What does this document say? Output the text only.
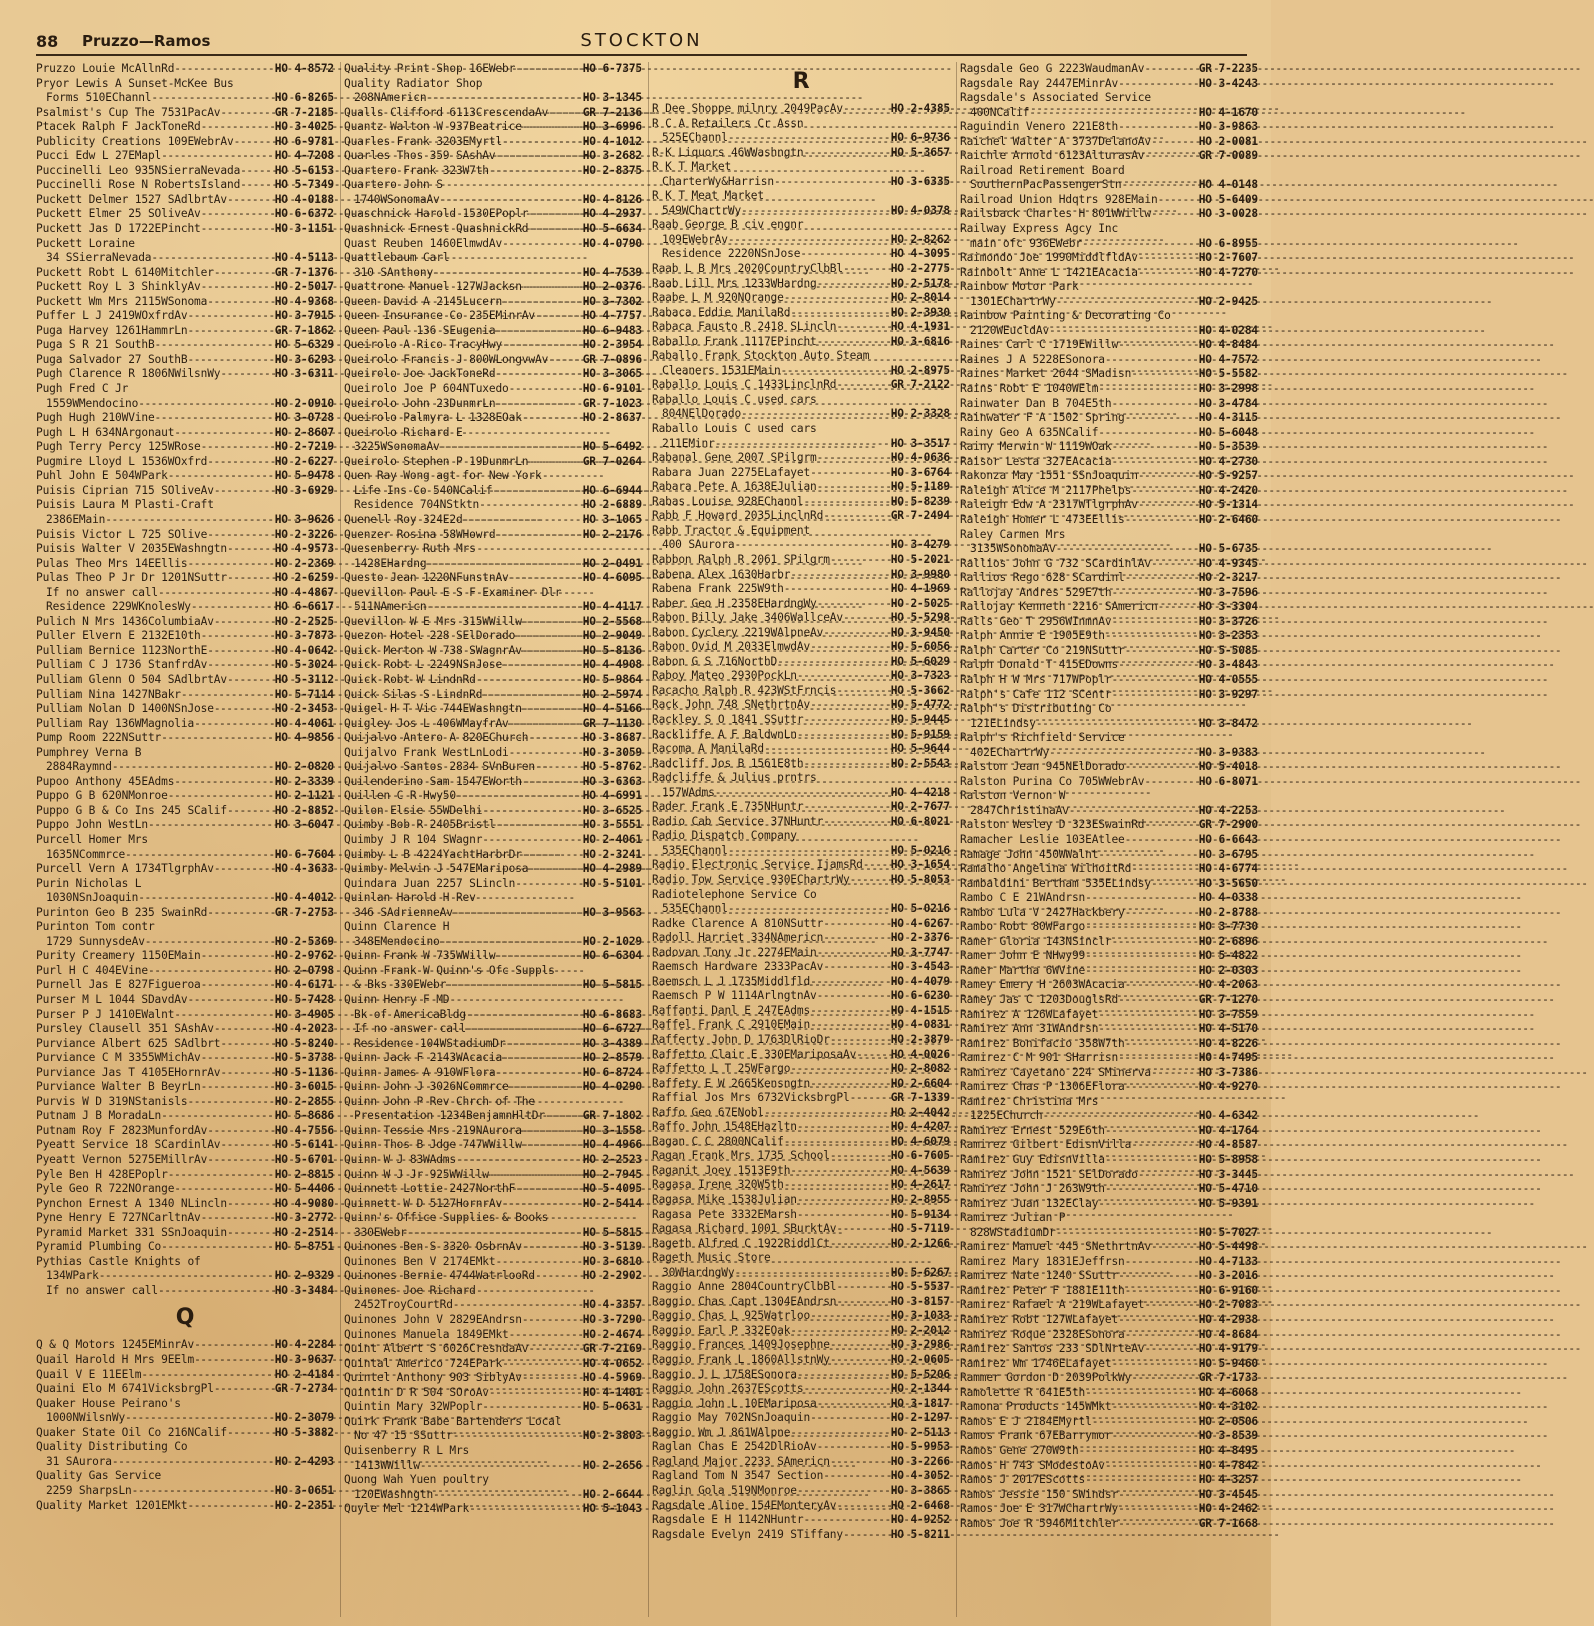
88 Pruzzo—Ramos	STOCKTON
Pruzzo Louie McAllnRd -----	HO 4-8572
Pryor Lewis A Sunset-McKee Bus
Forms 510EChannl -----	HO 6-8265
Psalmist's Cup The 7531PacAv -----	GR 7-2185
Ptacek Ralph F JackToneRd -----	HO 3-4025
Publicity Creations 109EWebrAv -----	HO 6-9781
Pucci Edw L 27EMapl -----	HO 4-7208
Puccinelli Leo 935NSierraNevada -----	HO 5-6153
Puccinelli Rose N RobertsIsland -----	HO 5-7349
Puckett Delmer 1527 SAdlbrtAv -----	HO 4-0188
Puckett Elmer 25 SOliveAv -----	HO 6-6372
Puckett Jas D 1722EPincht -----	HO 3-1151
Puckett Loraine
34 SSierraNevada -----	HO 4-5113
Puckett Robt L 6140Mitchler -----	GR 7-1376
Puckett Roy L 3 ShinklyAv -----	HO 2-5017
Puckett Wm Mrs 2115WSonoma -----	HO 4-9368
Puffer L J 2419WOxfrdAv -----	HO 3-7915
Puga Harvey 1261HammrLn -----	GR 7-1862
Puga S R 21 SouthB -----	HO 5-6329
Puga Salvador 27 SouthB -----	HO 3-6293
Pugh Clarence R 1806NWilsnWy -----	HO 3-6311
Pugh Fred C Jr
1559WMendocino -----	HO 2-0910
Pugh Hugh 210WVine -----	HO 3-0728
Pugh L H 634NArgonaut -----	HO 2-8607
Pugh Terry Percy 125WRose -----	HO 2-7219
Pugmire Lloyd L 1536WOxfrd -----	HO 2-6227
Puhl John E 504WPark -----	HO 5-9478
Puisis Ciprian 715 SOliveAv -----	HO 3-6929
Puisis Laura M Plasti-Craft
2386EMain -----	HO 3-9626
Puisis Victor L 725 SOlive -----	HO 2-3226
Puisis Walter V 2035EWashngtn -----	HO 4-9573
Pulas Theo Mrs 14EEllis -----	HO 2-2369
Pulas Theo P Jr Dr 1201NSuttr -----	HO 2-6259
If no answer call -----	HO 4-4867
Residence 229WKnolesWy -----	HO 6-6617
Pulich N Mrs 1436ColumbiaAv -----	HO 2-2525
Puller Elvern E 2132E10th -----	HO 3-7873
Pulliam Bernice 1123NorthE -----	HO 4-0642
Pulliam C J 1736 StanfrdAv -----	HO 5-3024
Pulliam Glenn O 504 SAdlbrtAv -----	HO 5-3112
Pulliam Nina 1427NBakr -----	HO 5-7114
Pulliam Nolan D 1400NSnJose -----	HO 2-3453
Pulliam Ray 136WMagnolia -----	HO 4-4061
Pump Room 222NSuttr -----	HO 4-9856
Pumphrey Verna B
2884Raymnd -----	HO 2-0820
Pupoo Anthony 45EAdms -----	HO 2-3339
Puppo G B 620NMonroe -----	HO 2-1121
Puppo G B & Co Ins 245 SCalif -----	HO 2-8852
Puppo John WestLn -----	HO 3-6047
Purcell Homer Mrs
1635NCommrce -----	HO 6-7604
Purcell Vern A 1734TlgrphAv -----	HO 4-3633
Purin Nicholas L
1030NSnJoaquin -----	HO 4-4012
Purinton Geo B 235 SwainRd -----	GR 7-2753
Purinton Tom contr
1729 SunnysdeAv -----	HO 2-5369
Purity Creamery 1150EMain -----	HO 2-9762
Purl H C 404EVine -----	HO 2-0798
Purnell Jas E 827Figueroa -----	HO 4-6171
Purser M L 1044 SDavdAv -----	HO 5-7428
Purser P J 1410EWalnt -----	HO 3-4905
Pursley Clausell 351 SAshAv -----	HO 4-2023
Purviance Albert 625 SAdlbrt -----	HO 5-8240
Purviance C M 3355WMichAv -----	HO 5-3738
Purviance Jas T 4105EHornrAv -----	HO 5-1136
Purviance Walter B BeyrLn -----	HO 3-6015
Purvis W D 319NStanisls -----	HO 2-2855
Putnam J B MoradaLn -----	HO 5-8686
Putnam Roy F 2823MunfordAv -----	HO 4-7556
Pyeatt Service 18 SCardinlAv -----	HO 5-6141
Pyeatt Vernon 5275EMillrAv -----	HO 5-6701
Pyle Ben H 428EPoplr -----	HO 2-8815
Pyle Geo R 722NOrange -----	HO 5-4406
Pynchon Ernest A 1340 NLincln -----	HO 4-9080
Pyne Henry E 727NCarltnAv -----	HO 3-2772
Pyramid Market 331 SSnJoaquin -----	HO 2-2514
Pyramid Plumbing Co -----	HO 5-8751
Pythias Castle Knights of
134WPark -----	HO 2-9329
If no answer call -----	HO 3-3484
Q
Q & Q Motors 1245EMinrAv -----	HO 4-2284
Quail Harold H Mrs 9EElm -----	HO 3-9637
Quail V E 11EElm -----	HO 2-4184
Quaini Elo M 6741VicksbrgPl -----	GR 7-2734
Quaker House Peirano's
1000NWilsnWy -----	HO 2-3079
Quaker State Oil Co 216NCalif -----	HO 5-3882
Quality Distributing Co
31 SAurora -----	HO 2-4293
Quality Gas Service
2259 SharpsLn -----	HO 3-0651
Quality Market 1201EMkt -----	HO 2-2351
Quality Print Shop 16EWebr -----	HO 6-7375
Quality Radiator Shop
208NAmericn -----	HO 3-1345
Qualls Clifford 6113CrescendaAv -----	GR 7-2136
Quantz Walton W 937Beatrice -----	HO 3-6996
Quarles Frank 3203EMyrtl -----	HO 4-1012
Quarles Thos 359 SAshAv -----	HO 3-2682
Quartero Frank 323W7th -----	HO 2-8375
Quartero John S
1740WSonomaAv -----	HO 4-8126
Quaschnick Harold 1530EPoplr -----	HO 4-2937
Quashnick Ernest QuashnickRd -----	HO 5-6634
Quast Reuben 1460ElmwdAv -----	HO 4-0790
Quattlebaum Carl
310 SAnthony -----	HO 4-7539
Quattrone Manuel 127WJacksn -----	HO 2-0376
Queen David A 2145Lucern -----	HO 3-7302
Queen Insurance Co 235EMinrAv -----	HO 4-7757
Queen Paul 136 SEugenia -----	HO 6-9483
Queirolo A Rico TracyHwy -----	HO 2-3954
Queirolo Francis J 800WLongvwAv -----	GR 7-0896
Queirolo Joe JackToneRd -----	HO 3-3065
Queirolo Joe P 604NTuxedo -----	HO 6-9101
Queirolo John 23DunmrLn -----	GR 7-1023
Queirolo Palmyra L 1328EOak -----	HO 2-8637
Queirolo Richard E
3225WSonomaAv -----	HO 5-6492
Queirolo Stephen P 19DunmrLn -----	GR 7-0264
Quen Ray Wong agt for New York
Life Ins Co 540NCalif -----	HO 6-6944
Residence 704NStktn -----	HO 2-6889
Quenell Roy 324E2d -----	HO 3-1065
Quenzer Rosina 58WHowrd -----	HO 2-2176
Quesenberry Ruth Mrs
1428EHardng -----	HO 2-0491
Questo Jean 1220NFunstnAv -----	HO 4-6095
Quevillon Paul E S F Examiner Dlr
511NAmericn -----	HO 4-4117
Quevillon W E Mrs 315WWillw -----	HO 2-5568
Quezon Hotel 228 SElDorado -----	HO 2-9049
Quick Merton W 738 SWagnrAv -----	HO 5-8136
Quick Robt L 2249NSnJose -----	HO 4-4908
Quick Robt W LindnRd -----	HO 5-9864
Quick Silas S LindnRd -----	HO 2-5974
Quigel H T Vic 744EWashngtn -----	HO 4-5166
Quigley Jos L 406WMayfrAv -----	GR 7-1130
Quijalvo Antero A 820EChurch -----	HO 3-8687
Quijalvo Frank WestLnLodi -----	HO 3-3059
Quijalvo Santos 2834 SVnBuren -----	HO 5-8762
Quilenderino Sam 1547EWorth -----	HO 3-6363
Quillen C R Hwy50 -----	HO 4-6991
Quilon Elsie 55WDelhi -----	HO 3-6525
Quimby Bob R 2405Bristl -----	HO 3-5551
Quimby J R 104 SWagnr -----	HO 2-4061
Quimby L B 4224YachtHarbrDr -----	HO 2-3241
Quimby Melvin J 547EMariposa -----	HO 4-2989
Quindara Juan 2257 SLincln -----	HO 5-5101
Quinlan Harold H Rev
346 SAdrienneAv -----	HO 3-9563
Quinn Clarence H
348EMendocino -----	HO 2-1029
Quinn Frank W 735WWillw -----	HO 6-6304
Quinn Frank W Quinn's Ofc Suppls
& Bks 330EWebr -----	HO 5-5815
Quinn Henry F MD
Bk of AmericaBldg -----	HO 6-8683
If no answer call -----	HO 6-6727
Residence 104WStadiumDr -----	HO 3-4389
Quinn Jack F 2143WAcacia -----	HO 2-8579
Quinn James A 910WFlora -----	HO 6-8724
Quinn John J 3026NCommrce -----	HO 4-0290
Quinn John P Rev Chrch of The
Presentation 1234BenjamnHltDr -----	GR 7-1802
Quinn Tessie Mrs 219NAurora -----	HO 3-1558
Quinn Thos B Jdge 747WWillw -----	HO 4-4966
Quinn W J 83WAdms -----	HO 2-2523
Quinn W J Jr 925WWillw -----	HO 2-7945
Quinnett Lottie 2427NorthF -----	HO 5-4095
Quinnett W D 5127HornrAv -----	HO 2-5414
Quinn's Office Supplies & Books
330EWebr -----	HO 5-5815
Quinones Ben S 3320 OsbrnAv -----	HO 3-5139
Quinones Ben V 2174EMkt -----	HO 3-6810
Quinones Bernie 4744WatrlooRd -----	HO 2-2902
Quinones Joe Richard
2452TroyCourtRd -----	HO 4-3357
Quinones John V 2829EAndrsn -----	HO 3-7290
Quinones Manuela 1849EMkt -----	HO 2-4674
Quint Albert S 6026CresndaAv -----	GR 7-2169
Quintal Americo 724EPark -----	HO 4-0652
Quintel Anthony 903 SiblyAv -----	HO 4-5969
Quintin D R 504 SOroAv -----	HO 4-1401
Quintin Mary 32WPoplr -----	HO 5-0631
Quirk Frank Babe Bartenders Local
No 47 15 SSuttr -----	HO 2-3803
Quisenberry R L Mrs
1413WWillw -----	HO 2-2656
Quong Wah Yuen poultry
120EWashngtn -----	HO 2-6644
Quyle Mel 1214WPark -----	HO 5-1043
R
R Dee Shoppe milnry 2049PacAv -----	HO 2-4385
R C A Retailers Cr Assn
525EChannl -----	HO 6-9736
R-K Liquors 46WWashngtn -----	HO 5-3657
R K T Market
CharterWy&Harrisn -----	HO 3-6335
R K T Meat Market
549WChartrWy -----	HO 4-0378
Raab George B civ engnr
109EWebrAv -----	HO 2-8262
Residence 2220NSnJose -----	HO 4-3095
Raab L B Mrs 2020CountryClbBl -----	HO 2-2775
Raab Lill Mrs 1233WHardng -----	HO 2-5178
Raabe L M 920NOrange -----	HO 2-8014
Rabaca Eddie ManilaRd -----	HO 2-3930
Rabaca Fausto R 2418 SLincln -----	HO 4-1931
Raballo Frank 1117EPincht -----	HO 3-6816
Raballo Frank Stockton Auto Steam
Cleaners 1531EMain -----	HO 2-8975
Raballo Louis C 1433LinclnRd -----	GR 7-2122
Raballo Louis C used cars
804NElDorado -----	HO 2-3328
Raballo Louis C used cars
211EMinr -----	HO 3-3517
Rabanal Gene 2007 SPilgrm -----	HO 4-0636
Rabara Juan 2275ELafayet -----	HO 3-6764
Rabara Pete A 1638EJulian -----	HO 5-1189
Rabas Louise 928EChannl -----	HO 5-8239
Rabb F Howard 2035LinclnRd -----	GR 7-2494
Rabb Tractor & Equipment
400 SAurora -----	HO 3-4279
Rabbon Ralph R 2061 SPilgrm -----	HO 5-2021
Rabena Alex 1630Harbr -----	HO 3-9980
Rabena Frank 225W9th -----	HO 4-1969
Raber Geo H 2358EHardngWy -----	HO 2-5025
Rabon Billy Jake 3406WallceAv -----	HO 5-5298
Rabon Cyclery 2219WAlpneAv -----	HO 3-9450
Rabon Ovid M 2033ElmwdAv -----	HO 5-6056
Rabon G S 716NorthD -----	HO 5-6029
Raboy Mateo 2930PockLn -----	HO 3-7323
Racacho Ralph R 423WStFrncis -----	HO 5-3662
Rack John 748 SNethrtnAv -----	HO 5-4772
Rackley S O 1841 SSuttr -----	HO 5-9445
Rackliffe A F BaldwnLn -----	HO 5-9159
Racoma A ManilaRd -----	HO 5-9644
Radcliff Jos B 1561E8th -----	HO 2-5543
Radcliffe & Julius prntrs
157WAdms -----	HO 4-4218
Rader Frank E 735NHuntr -----	HO 2-7677
Radio Cab Service 37NHuntr -----	HO 6-8021
Radio Dispatch Company
535EChannl -----	HO 5-0216
Radio Electronic Service IjamsRd ----- HO 3-1654
Radio Tow Service 930EChartrWy -----	HO 5-8053
Radiotelephone Service Co
535EChannl -----	HO 5-0216
Radke Clarence A 810NSuttr -----	HO 4-6267
Radoll Harriet 334NAmericn -----	HO 2-3376
Radovan Tony Jr 2274EMain -----	HO 3-7747
Raemsch Hardware 2333PacAv -----	HO 3-4543
Raemsch L J 1735Middlfld -----	HO 4-4079
Raemsch P W 1114ArlngtnAv -----	HO 6-6230
Raffanti Danl E 247EAdms -----	HO 4-1515
Raffel Frank C 2910EMain -----	HO 4-0831
Rafferty John D 1763DlRioDr -----	HO 2-3879
Raffetto Clair E 330EMariposaAv -----	HO 4-0026
Raffetto L T 25WFargo -----	HO 2-8082
Raffety E W 2665Kensngtn -----	HO 2-6604
Raffial Jos Mrs 6732VicksbrgPl -----	GR 7-1339
Raffo Geo 67ENobl -----	HO 2-4042
Raffo John 1548EHazltn -----	HO 4-4207
Ragan C C 2800NCalif -----	HO 4-6079
Ragan Frank Mrs 1735 School -----	HO 6-7605
Raganit Joey 1513E9th -----	HO 4-5639
Ragasa Irene 320W5th -----	HO 4-2617
Ragasa Mike 1538Julian -----	HO 2-8955
Ragasa Pete 3332EMarsh -----	HO 5-9134
Ragasa Richard 1001 SBurktAv -----	HO 5-7119
Rageth Alfred C 1922RiddlCt -----	HO 2-1266
Rageth Music Store
30WHardngWy -----	HO 5-6267
Raggio Anne 2804CountryClbBl -----	HO 5-5537
Raggio Chas Capt 1304EAndrsn -----	HO 3-8157
Raggio Chas L 925Watrloo -----	HO 3-1033
Raggio Earl P 332EOak -----	HO 2-2012
Raggio Frances 1409Josephne -----	HO 3-2986
Raggio Frank L 1860AllstnWy -----	HO 2-0605
Raggio J L 1758ESonora -----	HO 5-5206
Raggio John 2637EScotts -----	HO 2-1344
Raggio John L 10EMariposa -----	HO 3-1817
Raggio May 702NSnJoaquin -----	HO 2-1297
Raggio Wm J 861WAlpne -----	HO 2-5113
Raglan Chas E 2542DlRioAv -----	HO 5-9953
Ragland Major 2233 SAmericn -----	HO 3-2266
Ragland Tom N 3547 Section -----	HO 4-3052
Raglin Gola 519NMonroe -----	HO 3-3865
Ragsdale Aline 154EMonteryAv -----	HO 2-6468
Ragsdale E H 1142NHuntr -----	HO 4-9252
Ragsdale Evelyn 2419 STiffany -----	HO 5-8211
Ragsdale Geo G 2223WaudmanAv -----	GR 7-2235
Ragsdale Ray 2447EMinrAv -----	HO 3-4243
Ragsdale's Associated Service
400NCalif -----	HO 4-1670
Raguindin Venero 221E8th -----	HO 3-9863
Raichel Walter A 3737DelanoAv -----	HO 2-0081
Raichle Arnold 6123AlturasAv -----	GR 7-0089
Railroad Retirement Board
SouthernPacPassengerStn -----	HO 4-0148
Railroad Union Hdqtrs 928EMain -----	HO 5-6409
Railsback Charles H 801WWillw -----	HO 3-0028
Railway Express Agcy Inc
main ofc 936EWebr -----	HO 6-8955
Raimondo Joe 1990MiddlfldAv -----	HO 2-7607
Rainbolt Anne L 1421EAcacia -----	HO 4-7270
Rainbow Motor Park
1301EChartrWy -----	HO 2-9425
Rainbow Painting & Decorating Co
2120WEucldAv -----	HO 4-0284
Raines Carl C 1719EWillw -----	HO 4-8484
Raines J A 5228ESonora -----	HO 4-7572
Raines Market 2644 SMadisn -----	HO 5-5582
Rains Robt E 1040WElm -----	HO 3-2998
Rainwater Dan B 704E5th -----	HO 3-4784
Rainwater F A 1502 Spring -----	HO 4-3115
Rainy Geo A 635NCalif -----	HO 5-6048
Rainy Merwin W 1119WOak -----	HO 5-3539
Raisor Lesta 327EAcacia -----	HO 4-2730
Rakonza May 1551 SSnJoaquin -----	HO 5-9257
Raleigh Alice M 2117Phelps -----	HO 4-2420
Raleigh Edw A 2317WTlgrphAv -----	HO 5-1314
Raleigh Homer L 473EEllis -----	HO 2-6460
Raley Carmen Mrs
3135WSonomaAv -----	HO 5-6735
Rallios John G 732 SCardinlAv -----	HO 4-9345
Rallios Rego 628 SCardinl -----	HO 2-3217
Rallojay Andres 529E7th -----	HO 3-7596
Rallojay Kenneth 2216 SAmericn -----	HO 3-3304
Ralls Geo T 2956WInmnAv -----	HO 3-3726
Ralph Annie E 1905E9th -----	HO 3-2353
Ralph Carter Co 219NSuttr -----	HO 5-5085
Ralph Donald T 415EDowns -----	HO 3-4843
Ralph H W Mrs 717WPoplr -----	HO 4-0555
Ralph's Cafe 112 SCentr -----	HO 3-9297
Ralph's Distributing Co
121ELindsy -----	HO 3-8472
Ralph's Richfield Service
402EChartrWy -----	HO 3-9383
Ralston Jean 945NElDorado -----	HO 5-4018
Ralston Purina Co 705WWebrAv -----	HO 6-8071
Ralston Vernon W
2847ChristinaAv -----	HO 4-2253
Ralston Wesley D 323ESwainRd -----	GR 7-2900
Ramacher Leslie 103EAtlee -----	HO 6-6643
Ramage John 450WWalnt -----	HO 3-6795
Ramalho Angelina WilhoitRd -----	HO 4-6774
Rambaldini Bertham 535ELindsy -----	HO 3-5650
Rambo C E 21WAndrsn -----	HO 4-0338
Rambo Lula V 2427Hackbery -----	HO 2-8788
Rambo Robt 80WFargo -----	HO 3-7730
Ramer Gloria 143NSinclr -----	HO 2-6896
Ramer John E NHwy99 -----	HO 5-4822
Ramer Martha 6WVine -----	HO 2-0303
Ramey Emery H 2603WAcacia -----	HO 4-2063
Ramey Jas C 1203DouglsRd -----	GR 7-1270
Ramirez A 126WLafayet -----	HO 3-7559
Ramirez Ann 31WAndrsn -----	HO 4-5170
Ramirez Bonifacio 358W7th -----	HO 4-8226
Ramirez C M 901 SHarrisn -----	HO 4-7495
Ramirez Cayetano 224 SMinerva -----	HO 3-7386
Ramirez Chas P 1306EFlora -----	HO 4-9270
Ramirez Christina Mrs
1225EChurch -----	HO 4-6342
Ramirez Ernest 529E6th -----	HO 4-1764
Ramirez Gilbert EdisnVilla -----	HO 4-8587
Ramirez Guy EdisnVilla -----	HO 5-8958
Ramirez John 1521 SElDorado -----	HO 3-3445
Ramirez John J 263W9th -----	HO 5-4710
Ramirez Juan 132EClay -----	HO 5-9391
Ramirez Julian P
828WStadiumDr -----	HO 5-7027
Ramirez Manuel 445 SNethrtnAv -----	HO 5-4498
Ramirez Mary 1831EJeffrsn -----	HO 4-7133
Ramirez Nate 1240 SSuttr -----	HO 3-2016
Ramirez Peter F 1881E11th -----	HO 6-9160
Ramirez Rafael A 219WLafayet -----	HO 2-7083
Ramirez Robt 127WLafayet -----	HO 4-2938
Ramirez Roque 2328ESonora -----	HO 4-8684
Ramirez Santos 233 SDlNrteAv -----	HO 4-9179
Ramirez Wm 1746ELafayet -----	HO 5-9460
Rammer Gordon D 2039PolkWy -----	GR 7-1733
Ramolette R 641E5th -----	HO 4-6068
Ramona Products 145WMkt -----	HO 4-3102
Ramos E J 2184EMyrtl -----	HO 2-0506
Ramos Frank 67EBarrymor -----	HO 3-8539
Ramos Gene 270W9th -----	HO 4-8495
Ramos H 743 SModestoAv -----	HO 4-7842
Ramos J 2017EScotts -----	HO 4-3257
Ramos Jessie 150 SWindsr -----	HO 3-4545
Ramos Joe E 317WChartrWy -----	HO 4-2462
Ramos Joe R 5946Mitchler -----	GR 7-1668
